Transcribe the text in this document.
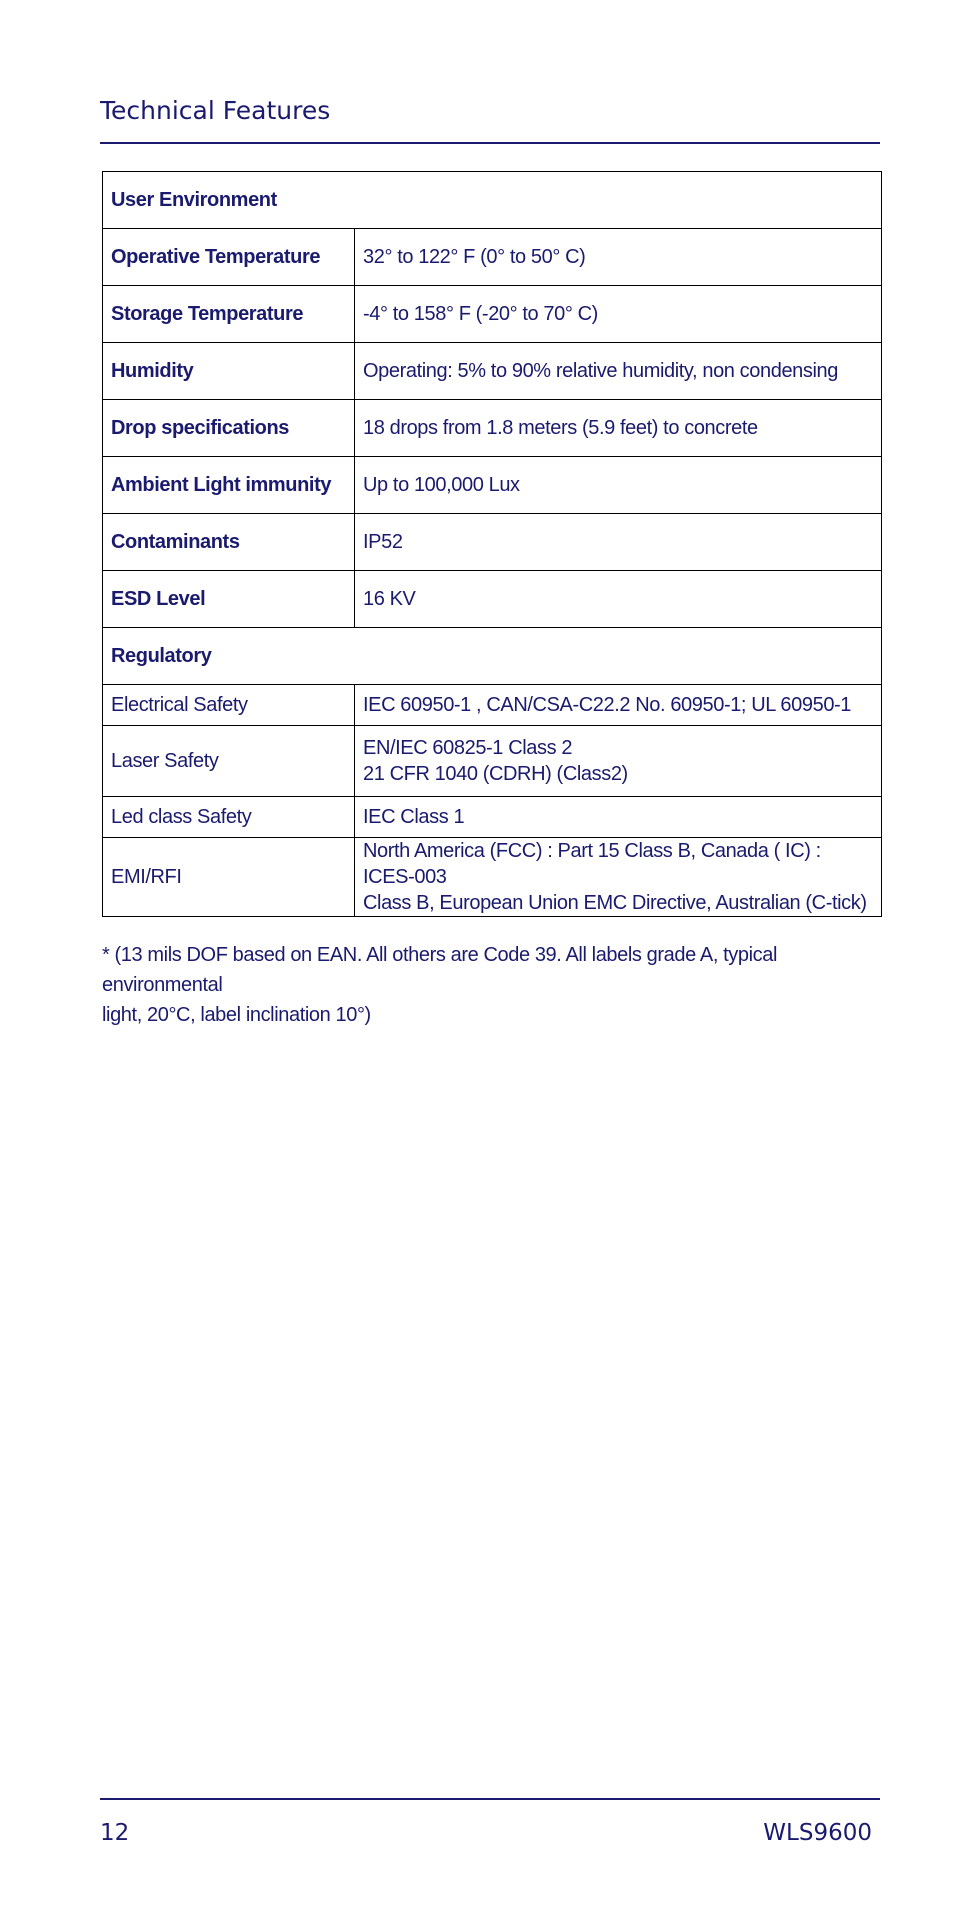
Technical Features
User Environment	
Operative Temperature	32° to 122° F (0° to 50° C)
Storage Temperature	-4° to 158° F (-20° to 70° C)
Humidity	Operating: 5% to 90% relative humidity, non condensing
Drop specifications	18 drops from 1.8 meters (5.9 feet) to concrete
Ambient Light immunity	Up to 100,000 Lux
Contaminants	IP52
ESD Level	16 KV
Regulatory	
Electrical Safety	IEC 60950-1 , CAN/CSA-C22.2 No. 60950-1; UL 60950-1
Laser Safety	EN/IEC 60825-1 Class 2
21 CFR 1040 (CDRH) (Class2)

Led class Safety	IEC Class 1
EMI/RFI	North America (FCC) : Part 15 Class B, Canada ( IC) : ICES-003
Class B, European Union EMC Directive, Australian (C-tick)
* (13 mils DOF based on EAN. All others are Code 39. All labels grade A, typical environmental
light, 20°C, label inclination 10°)
12	WLS9600
